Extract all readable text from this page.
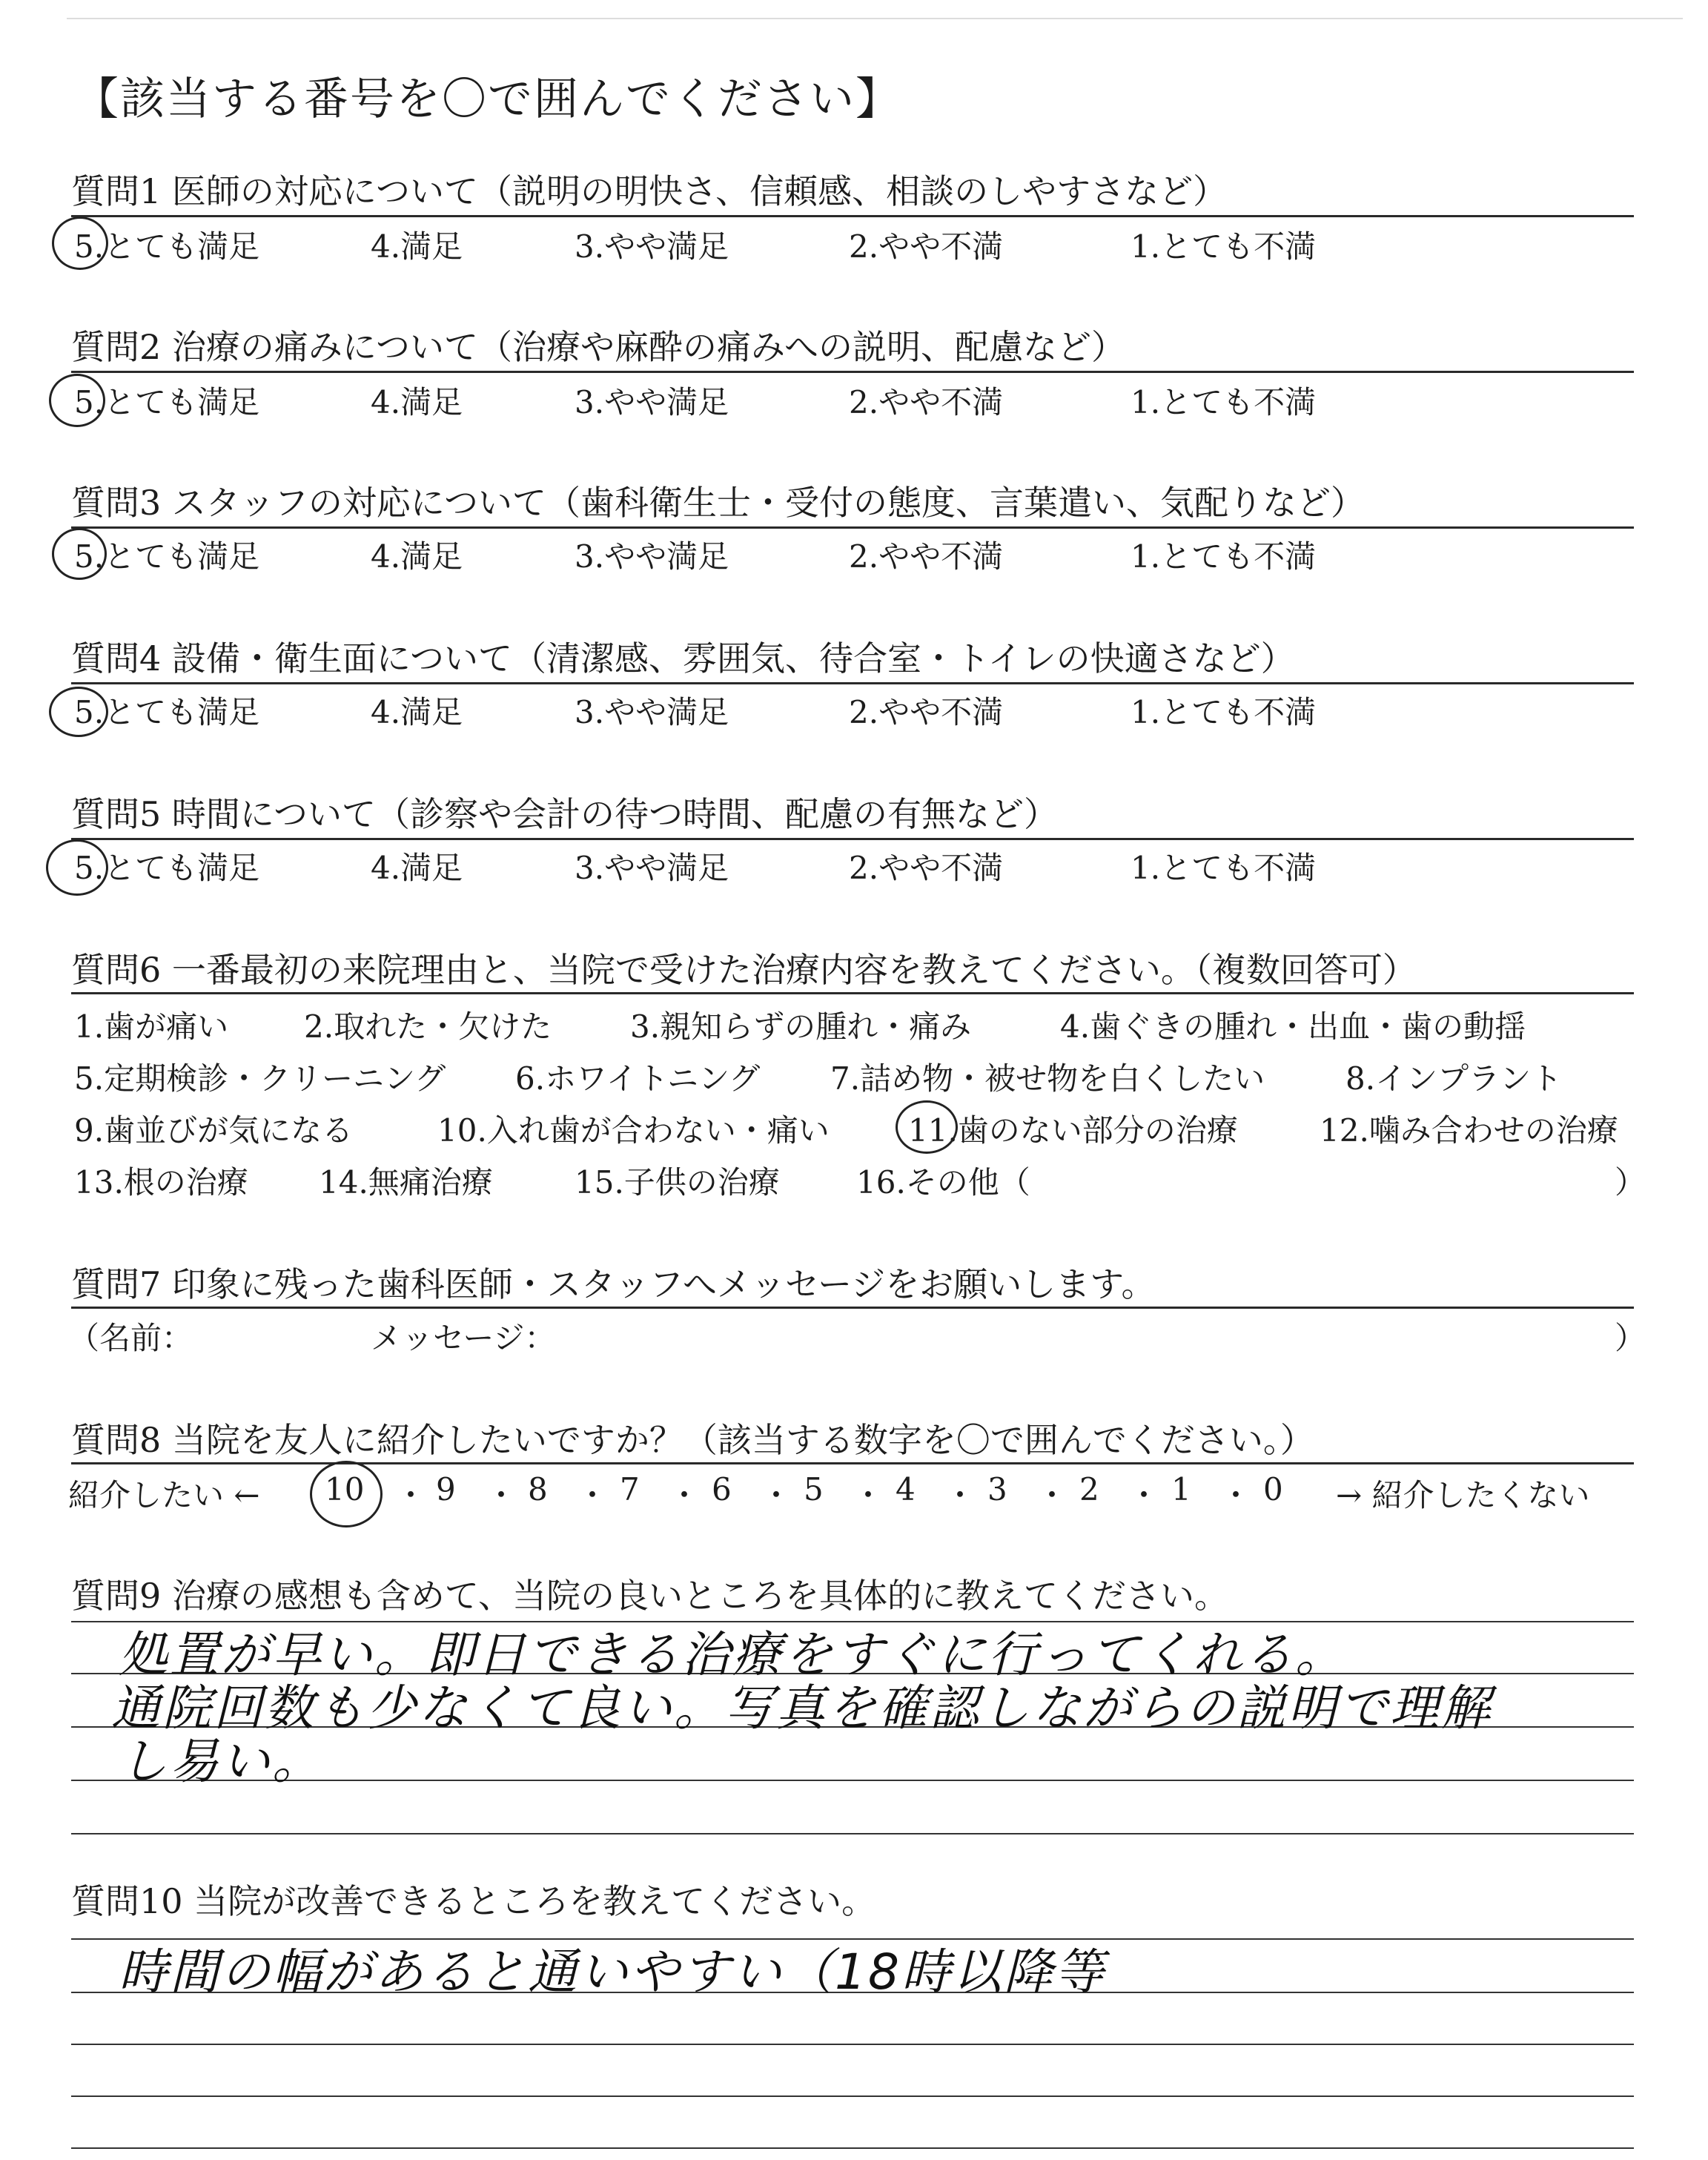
【該当する番号を〇で囲んでください】
質問1 医師の対応について（説明の明快さ、信頼感、相談のしやすさなど）
5.とても満足	4.満足	3.やや満足	2.やや不満	1.とても不満
質問2 治療の痛みについて（治療や麻酔の痛みへの説明、配慮など）
5.とても満足	4.満足	3.やや満足	2.やや不満	1.とても不満
質問3 スタッフの対応について（歯科衛生士・受付の態度、言葉遣い、気配りなど）
5.とても満足	4.満足	3.やや満足	2.やや不満	1.とても不満
質問4 設備・衛生面について（清潔感、雰囲気、待合室・トイレの快適さなど）
5.とても満足	4.満足	3.やや満足	2.やや不満	1.とても不満
質問5 時間について（診察や会計の待つ時間、配慮の有無など）
5.とても満足	4.満足	3.やや満足	2.やや不満	1.とても不満
質問6 一番最初の来院理由と、当院で受けた治療内容を教えてください。（複数回答可）
1.歯が痛い 2.取れた・欠けた	3.親知らずの腫れ・痛み	4.歯ぐきの腫れ・出血・歯の動揺
5.定期検診・クリーニング 6.ホワイトニング 7.詰め物・被せ物を白くしたい	8.インプラント
9.歯並びが気になる	10.入れ歯が合わない・痛い	11.歯のない部分の治療	12.噛み合わせの治療
13.根の治療 14.無痛治療	15.子供の治療 16.その他（	）
質問7 印象に残った歯科医師・スタッフへメッセージをお願いします。
（名前：	メッセージ：	）
質問8 当院を友人に紹介したいですか？（該当する数字を〇で囲んでください。）
紹介したい ← 10 ・ 9 ・ 8 ・ 7 ・ 6 ・ 5 ・ 4 ・ 3 ・ 2 ・ 1 ・ 0 → 紹介したくない
質問9 治療の感想も含めて、当院の良いところを具体的に教えてください。
処置が早い。即日できる治療をすぐに行ってくれる。
通院回数も少なくて良い。写真を確認しながらの説明で理解
し易い。
質問10 当院が改善できるところを教えてください。
時間の幅があると通いやすい（18時以降等
